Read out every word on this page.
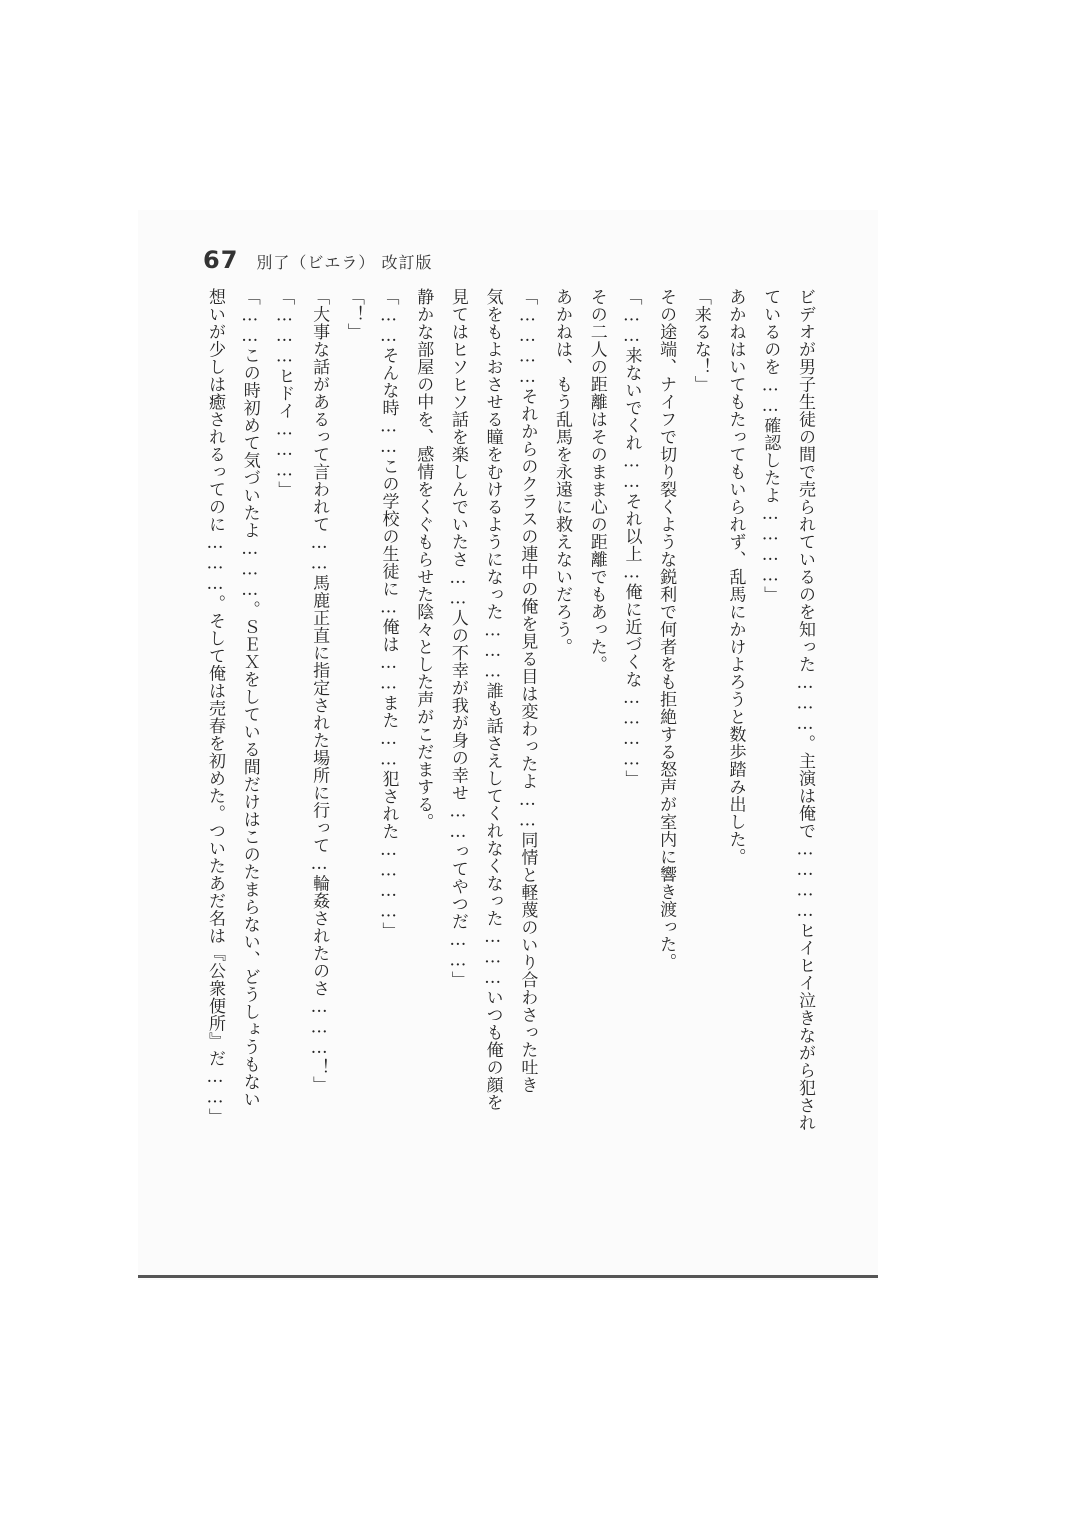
67 別了（ビエラ） 改訂版
ビデオが男子生徒の間で売られているのを知った………。主演は俺で…………ヒイヒイ泣きながら犯され
ているのを……確認したよ…………」
あかねはいてもたってもいられず、乱馬にかけよろうと数歩踏み出した。
「来るな！」
その途端、ナイフで切り裂くような鋭利で何者をも拒絶する怒声が室内に響き渡った。
「……来ないでくれ……それ以上…俺に近づくな…………」
その二人の距離はそのまま心の距離でもあった。
あかねは、もう乱馬を永遠に救えないだろう。
「…………それからのクラスの連中の俺を見る目は変わったよ……同情と軽蔑のいり合わさった吐き
気をもよおさせる瞳をむけるようになった………誰も話さえしてくれなくなった………いつも俺の顔を
見てはヒソヒソ話を楽しんでいたさ……人の不幸が我が身の幸せ……ってやつだ……」
静かな部屋の中を、感情をくぐもらせた陰々とした声がこだまする。
「……そんな時……この学校の生徒に…俺は……また……犯された…………」
「！」
「大事な話があるって言われて……馬鹿正直に指定された場所に行って…輪姦されたのさ………！」
「………ヒドイ………」
「……この時初めて気づいたよ………。ＳＥＸをしている間だけはこのたまらない、どうしょうもない
想いが少しは癒されるってのに………。そして俺は売春を初めた。ついたあだ名は『公衆便所』だ……」
